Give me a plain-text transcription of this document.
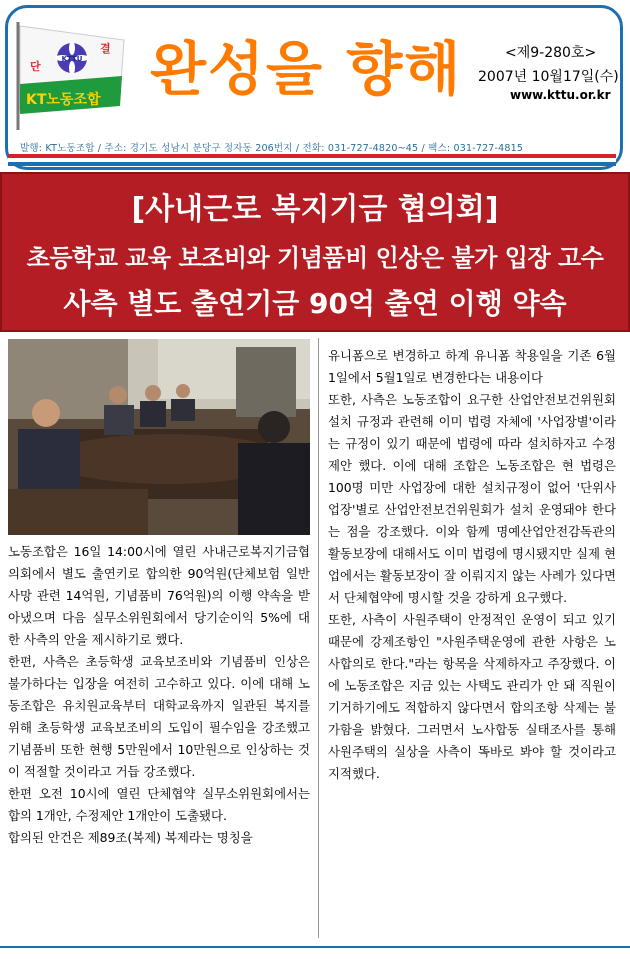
KTTU
단
결
KT노동조합 완성을 향해	<제9-280호>
2007년 10월17일(수)
www.kttu.or.kr
발행: KT노동조합 / 주소: 경기도 성남시 분당구 정자동 206번지 / 전화: 031-727-4820~45 / 팩스: 031-727-4815
[사내근로 복지기금 협의회]
초등학교 교육 보조비와 기념품비 인상은 불가 입장 고수
사측 별도 출연기금 90억 출연 이행 약속

노동조합은 16일 14:00시에 열린 사내근로복지기금협의회에서 별도 출연키로 합의한 90억원(단체보험 일반사망 관련 14억원, 기념품비 76억원)의 이행 약속을 받아냈으며 다음 실무소위원회에서 당기순이익 5%에 대한 사측의 안을 제시하기로 했다.

한편, 사측은 초등학생 교육보조비와 기념품비 인상은 불가하다는 입장을 여전히 고수하고 있다. 이에 대해 노동조합은 유치원교육부터 대학교육까지 일관된 복지를 위해 초등학생 교육보조비의 도입이 필수임을 강조했고 기념품비 또한 현행 5만원에서 10만원으로 인상하는 것이 적절할 것이라고 거듭 강조했다.

한편 오전 10시에 열린 단체협약 실무소위원회에서는 합의 1개안, 수정제안 1개안이 도출됐다.

합의된 안건은 제89조(복제) 복제라는 명칭을

유니폼으로 변경하고 하계 유니폼 착용일을 기존 6월1일에서 5월1일로 변경한다는 내용이다

또한, 사측은 노동조합이 요구한 산업안전보건위원회 설치 규정과 관련해 이미 법령 자체에 '사업장별'이라는 규정이 있기 때문에 법령에 따라 설치하자고 수정 제안 했다. 이에 대해 조합은 노동조합은 현 법령은 100명 미만 사업장에 대한 설치규정이 없어 '단위사업장'별로 산업안전보건위원회가 설치 운영돼야 한다는 점을 강조했다. 이와 함께 명예산업안전감독관의 활동보장에 대해서도 이미 법령에 명시됐지만 실제 현업에서는 활동보장이 잘 이뤄지지 않는 사례가 있다면서 단체협약에 명시할 것을 강하게 요구했다.

또한, 사측이 사원주택이 안정적인 운영이 되고 있기 때문에 강제조항인 "사원주택운영에 관한 사항은 노사합의로 한다."라는 항목을 삭제하자고 주장했다. 이에 노동조합은 지금 있는 사택도 관리가 안 돼 직원이 기거하기에도 적합하지 않다면서 합의조항 삭제는 불가함을 밝혔다. 그러면서 노사합동 실태조사를 통해 사원주택의 실상을 사측이 똑바로 봐야 할 것이라고 지적했다.
